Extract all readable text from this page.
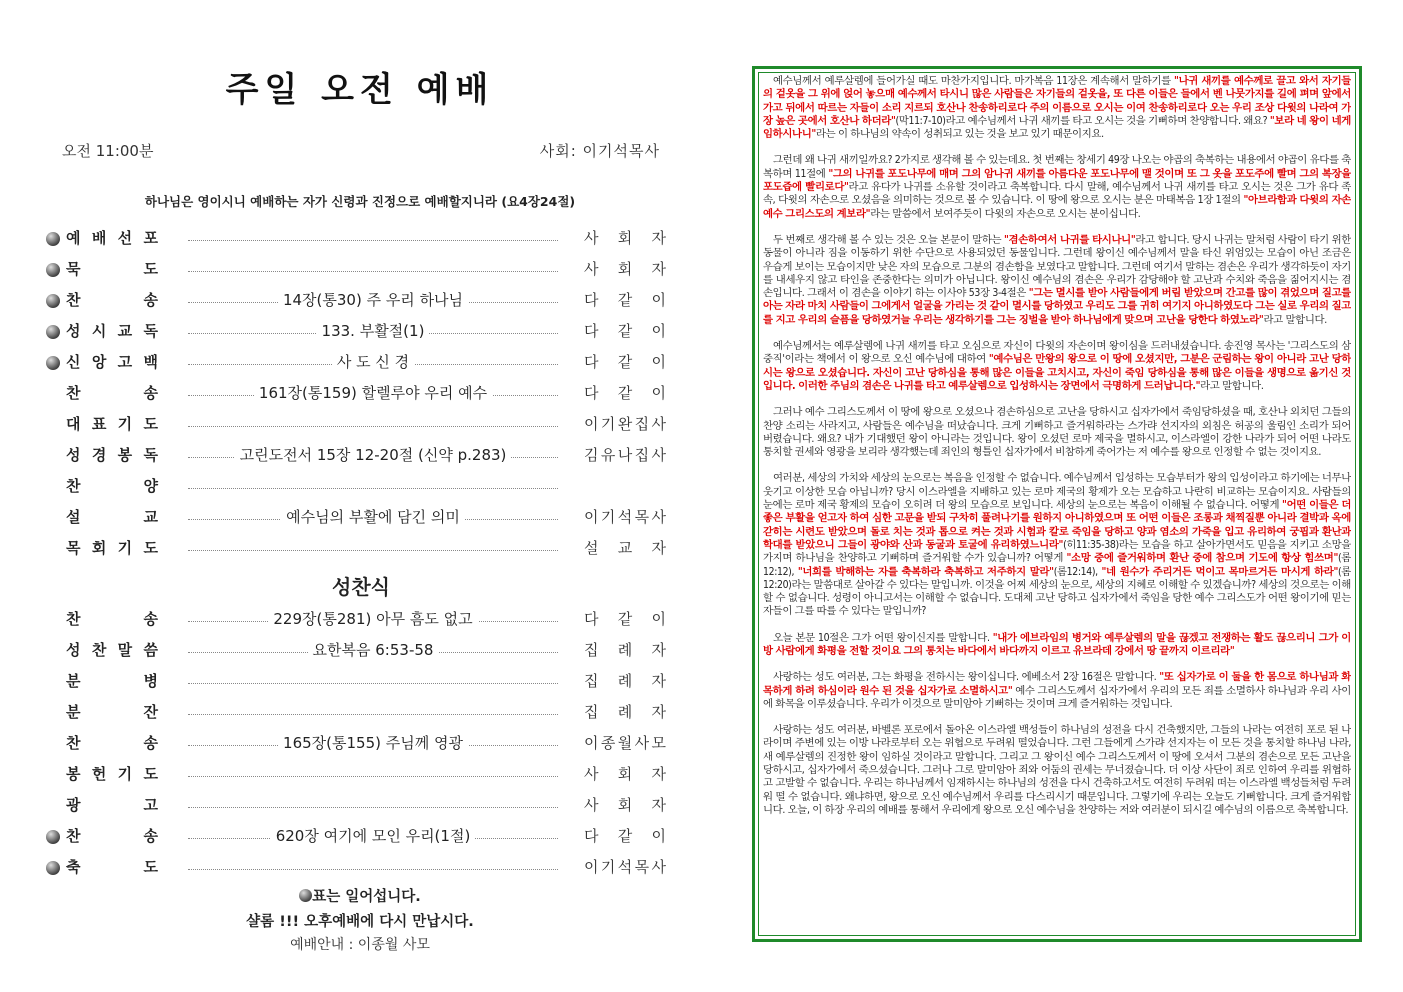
주일 오전 예배
오전 11:00분	사회: 이기석목사
하나님은 영이시니 예배하는 자가 신령과 진정으로 예배할지니라 (요4장24절)
예 배 선 포	사 회 자
묵	도	사 회 자
찬	송	14장(통30) 주 우리 하나님	다 같 이
성 시 교 독	133. 부활절(1)	다 같 이
신 앙 고 백	사 도 신 경	다 같 이
찬	송	161장(통159) 할렐루야 우리 예수	다 같 이
대 표 기 도	이 기 완 집 사
성 경 봉 독	고린도전서 15장 12-20절 (신약 p.283)	김 유 나 집 사
찬	양
설	교	예수님의 부활에 담긴 의미	이 기 석 목 사
목 회 기 도	설 교 자
성찬식
찬	송	229장(통281) 아무 흠도 없고	다 같 이
성 찬 말 씀	요한복음 6:53-58	집 례 자
분	병	집 례 자
분	잔	집 례 자
찬	송	165장(통155) 주님께 영광	이 종 월 사 모
봉 헌 기 도	사 회 자
광	고	사 회 자
찬	송	620장 여기에 모인 우리(1절)	다 같 이
축	도	이 기 석 목 사
표는 일어섭니다.
샬롬 !!! 오후예배에 다시 만납시다.
예배안내 : 이종월 사모

예수님께서 예루살렘에 들어가실 때도 마찬가지입니다. 마가복음 11장은 계속해서 말하기를 "나귀 새끼를 예수께로 끌고 와서 자기들의 겉옷을 그 위에 얹어 놓으매 예수께서 타시니 많은 사람들은 자기들의 겉옷을, 또 다른 이들은 들에서 벤 나뭇가지를 길에 펴며 앞에서 가고 뒤에서 따르는 자들이 소리 지르되 호산나 찬송하리로다 주의 이름으로 오시는 이여 찬송하리로다 오는 우리 조상 다윗의 나라여 가장 높은 곳에서 호산나 하더라"(막11:7-10)라고 예수님께서 나귀 새끼를 타고 오시는 것을 기뻐하며 찬양합니다. 왜요? "보라 네 왕이 네게 임하시나니"라는 이 하나님의 약속이 성취되고 있는 것을 보고 있기 때문이지요.

그런데 왜 나귀 새끼일까요? 2가지로 생각해 볼 수 있는데요. 첫 번째는 창세기 49장 나오는 야곱의 축복하는 내용에서 야곱이 유다를 축복하며 11절에 "그의 나귀를 포도나무에 매며 그의 암나귀 새끼를 아름다운 포도나무에 맬 것이며 또 그 옷을 포도주에 빨며 그의 복장을 포도즙에 빨리로다"라고 유다가 나귀를 소유할 것이라고 축복합니다. 다시 말해, 예수님께서 나귀 새끼를 타고 오시는 것은 그가 유다 족속, 다윗의 자손으로 오셨음을 의미하는 것으로 볼 수 있습니다. 이 땅에 왕으로 오시는 분은 마태복음 1장 1절의 "아브라함과 다윗의 자손 예수 그리스도의 계보라"라는 말씀에서 보여주듯이 다윗의 자손으로 오시는 분이십니다.

두 번째로 생각해 볼 수 있는 것은 오늘 본문이 말하는 "겸손하여서 나귀를 타시나니"라고 합니다. 당시 나귀는 말처럼 사람이 타기 위한 동물이 아니라 짐을 이동하기 위한 수단으로 사용되었던 동물입니다. 그런데 왕이신 예수님께서 말을 타신 위엄있는 모습이 아닌 조금은 우습게 보이는 모습이지만 낮은 자의 모습으로 그분의 겸손함을 보였다고 말합니다. 그런데 여기서 말하는 겸손은 우리가 생각하듯이 자기를 내세우지 않고 타인을 존중한다는 의미가 아닙니다. 왕이신 예수님의 겸손은 우리가 감당해야 할 고난과 수치와 죽음을 짊어지시는 겸손입니다. 그래서 이 겸손을 이야기 하는 이사야 53장 3-4절은 "그는 멸시를 받아 사람들에게 버림 받았으며 간고를 많이 겪었으며 질고를 아는 자라 마치 사람들이 그에게서 얼굴을 가리는 것 같이 멸시를 당하였고 우리도 그를 귀히 여기지 아니하였도다 그는 실로 우리의 질고를 지고 우리의 슬픔을 당하였거늘 우리는 생각하기를 그는 징벌을 받아 하나님에게 맞으며 고난을 당한다 하였노라"라고 말합니다.

예수님께서는 예루살렘에 나귀 새끼를 타고 오심으로 자신이 다윗의 자손이며 왕이심을 드러내셨습니다. 송진영 목사는 '그리스도의 삼중직'이라는 책에서 이 왕으로 오신 예수님에 대하여 "예수님은 만왕의 왕으로 이 땅에 오셨지만, 그분은 군림하는 왕이 아니라 고난 당하시는 왕으로 오셨습니다. 자신이 고난 당하심을 통해 많은 이들을 고치시고, 자신이 죽임 당하심을 통해 많은 이들을 생명으로 옮기신 것입니다. 이러한 주님의 겸손은 나귀를 타고 예루살렘으로 입성하시는 장면에서 극명하게 드러납니다."라고 말합니다.

그러나 예수 그리스도께서 이 땅에 왕으로 오셨으나 겸손하심으로 고난을 당하시고 십자가에서 죽임당하셨을 때, 호산나 외치던 그들의 찬양 소리는 사라지고, 사람들은 예수님을 떠났습니다. 크게 기뻐하고 즐거워하라는 스가랴 선지자의 외침은 허공의 울림인 소리가 되어 버렸습니다. 왜요? 내가 기대했던 왕이 아니라는 것입니다. 왕이 오셨던 로마 제국을 멸하시고, 이스라엘이 강한 나라가 되어 어떤 나라도 통치할 권세와 영광을 보리라 생각했는데 죄인의 형틀인 십자가에서 비참하게 죽어가는 저 예수를 왕으로 인정할 수 없는 것이지요.

여러분, 세상의 가치와 세상의 눈으로는 복음을 인정할 수 없습니다. 예수님께서 입성하는 모습부터가 왕의 입성이라고 하기에는 너무나 웃기고 이상한 모습 아닙니까? 당시 이스라엘을 지배하고 있는 로마 제국의 황제가 오는 모습하고 나란히 비교하는 모습이지요. 사람들의 눈에는 로마 제국 황제의 모습이 오히려 더 왕의 모습으로 보입니다. 세상의 눈으로는 복음이 이해될 수 없습니다. 어떻게 "어떤 이들은 더 좋은 부활을 얻고자 하여 심한 고문을 받되 구차히 풀려나기를 원하지 아니하였으며 또 어떤 이들은 조롱과 채찍질뿐 아니라 결박과 옥에 갇히는 시련도 받았으며 돌로 치는 것과 톱으로 켜는 것과 시험과 칼로 죽임을 당하고 양과 염소의 가죽을 입고 유리하여 궁핍과 환난과 학대를 받았으니 그들이 광야와 산과 동굴과 토굴에 유리하였느니라"(히11:35-38)라는 모습을 하고 살아가면서도 믿음을 지키고 소망을 가지며 하나님을 찬양하고 기뻐하며 즐거워할 수가 있습니까? 어떻게 "소망 중에 즐거워하며 환난 중에 참으며 기도에 항상 힘쓰며"(롬12:12), "너희를 박해하는 자를 축복하라 축복하고 저주하지 말라"(롬12:14), "네 원수가 주리거든 먹이고 목마르거든 마시게 하라"(롬12:20)라는 말씀대로 살아갈 수 있다는 말입니까. 이것을 어찌 세상의 눈으로, 세상의 지혜로 이해할 수 있겠습니까? 세상의 것으로는 이해할 수 없습니다. 성령이 아니고서는 이해할 수 없습니다. 도대체 고난 당하고 십자가에서 죽임을 당한 예수 그리스도가 어떤 왕이기에 믿는 자들이 그를 따를 수 있다는 말입니까?

오늘 본문 10절은 그가 어떤 왕이신지를 말합니다. "내가 에브라임의 병거와 예루살렘의 말을 끊겠고 전쟁하는 활도 끊으리니 그가 이방 사람에게 화평을 전할 것이요 그의 통치는 바다에서 바다까지 이르고 유브라데 강에서 땅 끝까지 이르리라"

사랑하는 성도 여러분, 그는 화평을 전하시는 왕이십니다. 에베소서 2장 16절은 말합니다. "또 십자가로 이 둘을 한 몸으로 하나님과 화목하게 하려 하심이라 원수 된 것을 십자가로 소멸하시고" 예수 그리스도께서 십자가에서 우리의 모든 죄를 소멸하사 하나님과 우리 사이에 화목을 이루셨습니다. 우리가 이것으로 말미암아 기뻐하는 것이며 크게 즐거워하는 것입니다.

사랑하는 성도 여러분, 바벨론 포로에서 돌아온 이스라엘 백성들이 하나님의 성전을 다시 건축했지만, 그들의 나라는 여전히 포로 된 나라이며 주변에 있는 이방 나라로부터 오는 위협으로 두려워 떨었습니다. 그런 그들에게 스가랴 선지자는 이 모든 것을 통치할 하나님 나라, 새 예루살렘의 진정한 왕이 임하실 것이라고 말합니다. 그리고 그 왕이신 예수 그리스도께서 이 땅에 오셔서 그분의 겸손으로 모든 고난을 당하시고, 십자가에서 죽으셨습니다. 그러나 그로 말미암아 죄와 어둠의 권세는 무너졌습니다. 더 이상 사단이 죄로 인하여 우리를 위협하고 고발할 수 없습니다. 우리는 하나님께서 임재하시는 하나님의 성전을 다시 건축하고서도 여전히 두려워 떠는 이스라엘 백성들처럼 두려워 떨 수 없습니다. 왜냐하면, 왕으로 오신 예수님께서 우리를 다스리시기 때문입니다. 그렇기에 우리는 오늘도 기뻐합니다. 크게 즐거워합니다. 오늘, 이 하장 우리의 예배를 통해서 우리에게 왕으로 오신 예수님을 찬양하는 저와 여러분이 되시길 예수님의 이름으로 축복합니다.
